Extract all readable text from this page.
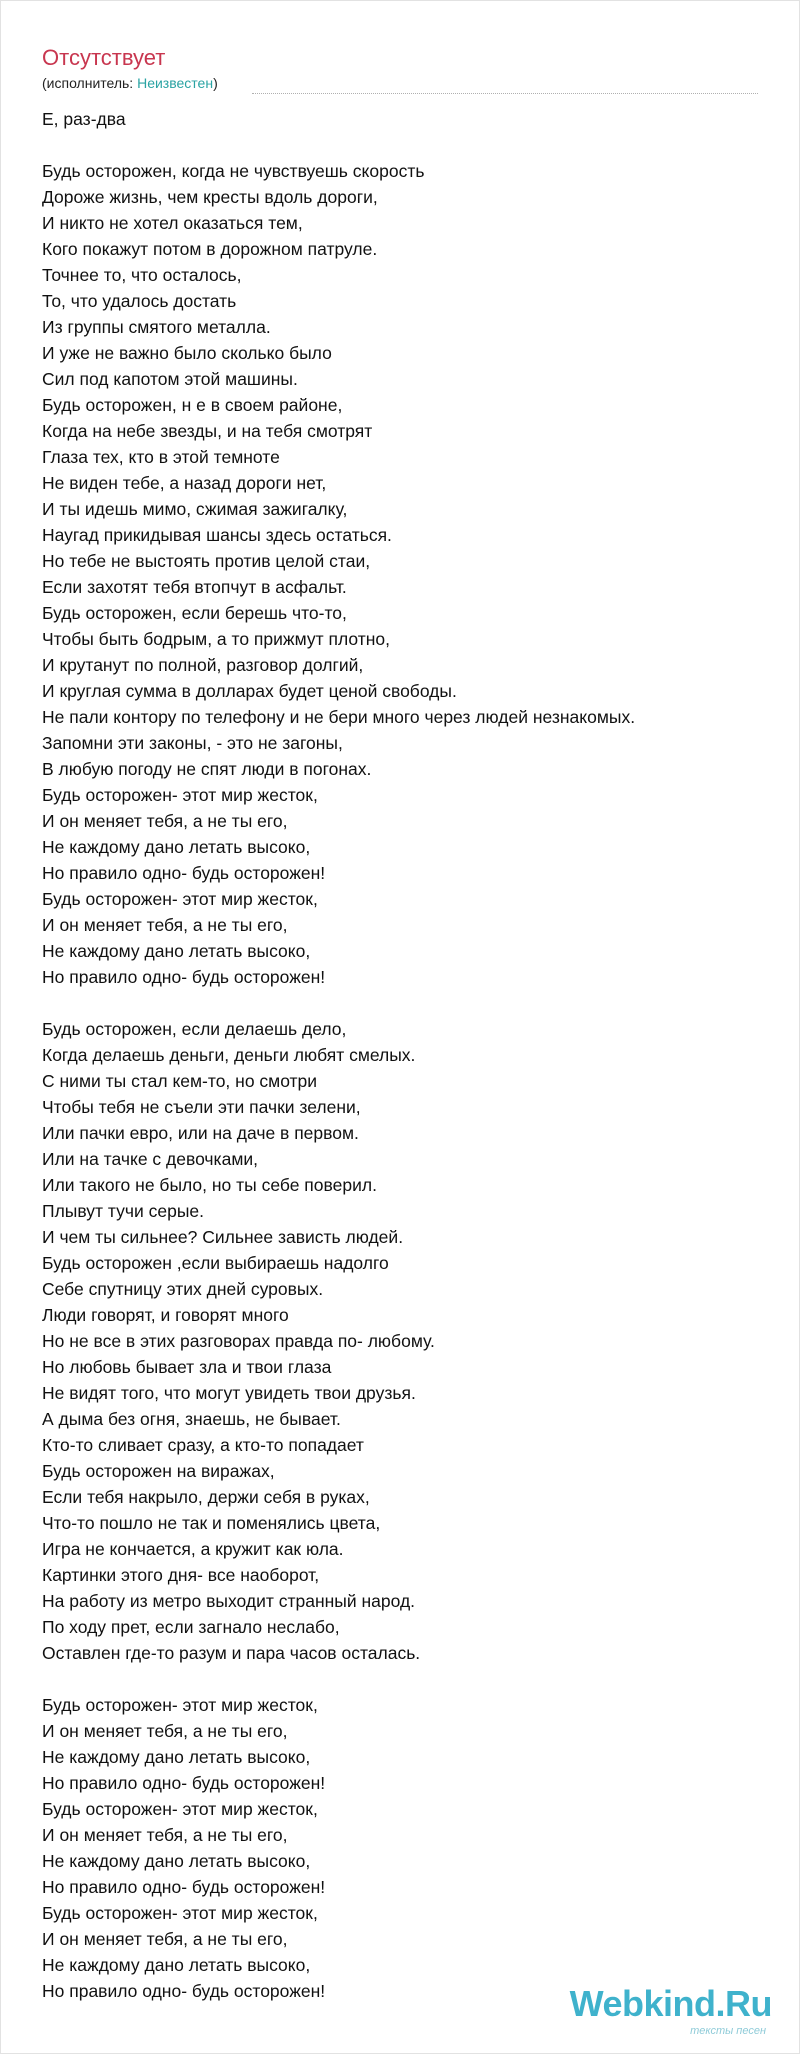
Отсутствует
(исполнитель: Неизвестен)
Е, раз-два
Будь осторожен, когда не чувствуешь скорость
Дороже жизнь, чем кресты вдоль дороги,
И никто не хотел оказаться тем,
Кого покажут потом в дорожном патруле.
Точнее то, что осталось,
То, что удалось достать
Из группы смятого металла.
И уже не важно было сколько было
Сил под капотом этой машины.
Будь осторожен, н е в своем районе,
Когда на небе звезды, и на тебя смотрят
Глаза тех, кто в этой темноте
Не виден тебе, а назад дороги нет,
И ты идешь мимо, сжимая зажигалку,
Наугад прикидывая шансы здесь остаться.
Но тебе не выстоять против целой стаи,
Если захотят тебя втопчут в асфальт.
Будь осторожен, если берешь что-то,
Чтобы быть бодрым, а то прижмут плотно,
И крутанут по полной, разговор долгий,
И круглая сумма в долларах будет ценой свободы.
Не пали контору по телефону и не бери много через людей незнакомых.
Запомни эти законы, - это не загоны,
В любую погоду не спят люди в погонах.
Будь осторожен- этот мир жесток,
И он меняет тебя, а не ты его,
Не каждому дано летать высоко,
Но правило одно- будь осторожен!
Будь осторожен- этот мир жесток,
И он меняет тебя, а не ты его,
Не каждому дано летать высоко,
Но правило одно- будь осторожен!
Будь осторожен, если делаешь дело,
Когда делаешь деньги, деньги любят смелых.
С ними ты стал кем-то, но смотри
Чтобы тебя не съели эти пачки зелени,
Или пачки евро, или на даче в первом.
Или на тачке с девочками,
Или такого не было, но ты себе поверил.
Плывут тучи серые.
И чем ты сильнее? Сильнее зависть людей.
Будь осторожен ,если выбираешь надолго
Себе спутницу этих дней суровых.
Люди говорят, и говорят много
Но не все в этих разговорах правда по- любому.
Но любовь бывает зла и твои глаза
Не видят того, что могут увидеть твои друзья.
А дыма без огня, знаешь, не бывает.
Кто-то сливает сразу, а кто-то попадает
Будь осторожен на виражах,
Если тебя накрыло, держи себя в руках,
Что-то пошло не так и поменялись цвета,
Игра не кончается, а кружит как юла.
Картинки этого дня- все наоборот,
На работу из метро выходит странный народ.
По ходу прет, если загнало неслабо,
Оставлен где-то разум и пара часов осталась.
Будь осторожен- этот мир жесток,
И он меняет тебя, а не ты его,
Не каждому дано летать высоко,
Но правило одно- будь осторожен!
Будь осторожен- этот мир жесток,
И он меняет тебя, а не ты его,
Не каждому дано летать высоко,
Но правило одно- будь осторожен!
Будь осторожен- этот мир жесток,
И он меняет тебя, а не ты его,
Не каждому дано летать высоко,
Но правило одно- будь осторожен!	Webkind.Ru
тексты песен
